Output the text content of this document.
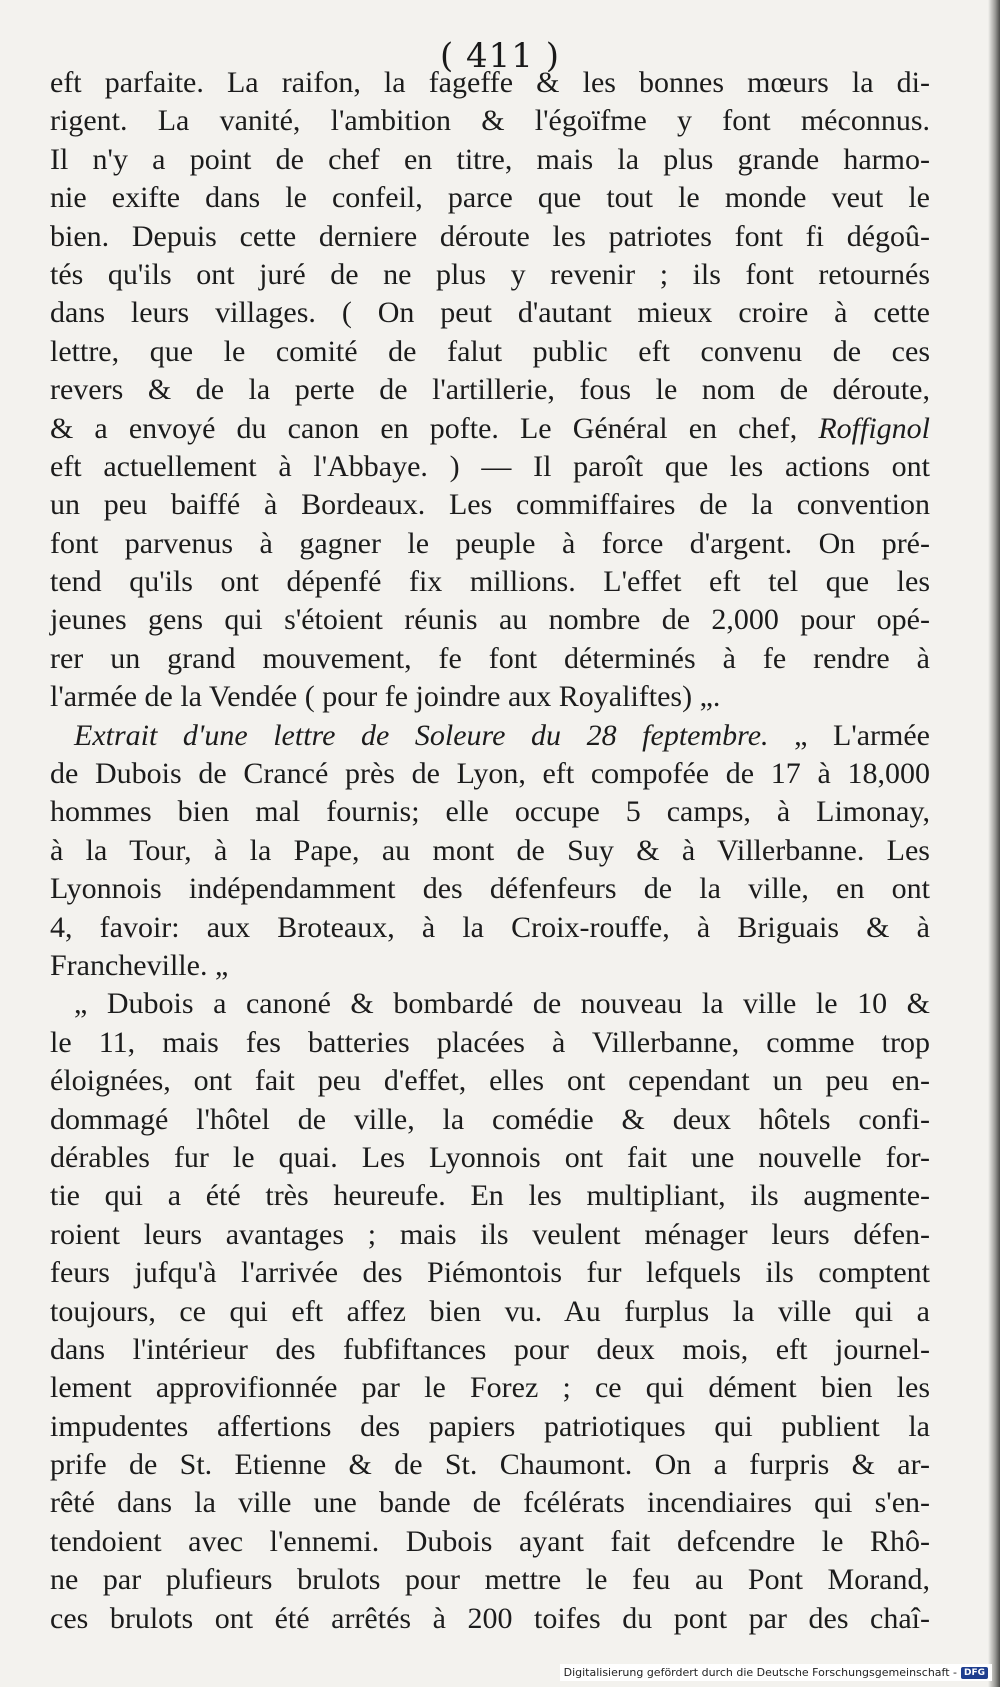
( 411 )
eft parfaite. La raifon, la fageffe & les bonnes mœurs la di-
rigent. La vanité, l'ambition & l'égoïfme y font méconnus.
Il n'y a point de chef en titre, mais la plus grande harmo-
nie exifte dans le confeil, parce que tout le monde veut le
bien. Depuis cette derniere déroute les patriotes font fi dégoû-
tés qu'ils ont juré de ne plus y revenir ; ils font retournés
dans leurs villages. ( On peut d'autant mieux croire à cette
lettre, que le comité de falut public eft convenu de ces
revers & de la perte de l'artillerie, fous le nom de déroute,
& a envoyé du canon en pofte. Le Général en chef, Roffignol
eft actuellement à l'Abbaye. ) — Il paroît que les actions ont
un peu baiffé à Bordeaux. Les commiffaires de la convention
font parvenus à gagner le peuple à force d'argent. On pré-
tend qu'ils ont dépenfé fix millions. L'effet eft tel que les
jeunes gens qui s'étoient réunis au nombre de 2,000 pour opé-
rer un grand mouvement, fe font déterminés à fe rendre à
l'armée de la Vendée ( pour fe joindre aux Royaliftes) „.
Extrait d'une lettre de Soleure du 28 feptembre. „ L'armée
de Dubois de Crancé près de Lyon, eft compofée de 17 à 18,000
hommes bien mal fournis; elle occupe 5 camps, à Limonay,
à la Tour, à la Pape, au mont de Suy & à Villerbanne. Les
Lyonnois indépendamment des défenfeurs de la ville, en ont
4, favoir: aux Broteaux, à la Croix-rouffe, à Briguais & à
Francheville. „
„ Dubois a canoné & bombardé de nouveau la ville le 10 &
le 11, mais fes batteries placées à Villerbanne, comme trop
éloignées, ont fait peu d'effet, elles ont cependant un peu en-
dommagé l'hôtel de ville, la comédie & deux hôtels confi-
dérables fur le quai. Les Lyonnois ont fait une nouvelle for-
tie qui a été très heureufe. En les multipliant, ils augmente-
roient leurs avantages ; mais ils veulent ménager leurs défen-
feurs jufqu'à l'arrivée des Piémontois fur lefquels ils comptent
toujours, ce qui eft affez bien vu. Au furplus la ville qui a
dans l'intérieur des fubfiftances pour deux mois, eft journel-
lement approvifionnée par le Forez ; ce qui dément bien les
impudentes affertions des papiers patriotiques qui publient la
prife de St. Etienne & de St. Chaumont. On a furpris & ar-
rêté dans la ville une bande de fcélérats incendiaires qui s'en-
tendoient avec l'ennemi. Dubois ayant fait defcendre le Rhô-
ne par plufieurs brulots pour mettre le feu au Pont Morand,
ces brulots ont été arrêtés à 200 toifes du pont par des chaî-
Digitalisierung gefördert durch die Deutsche Forschungsgemeinschaft - DFG
